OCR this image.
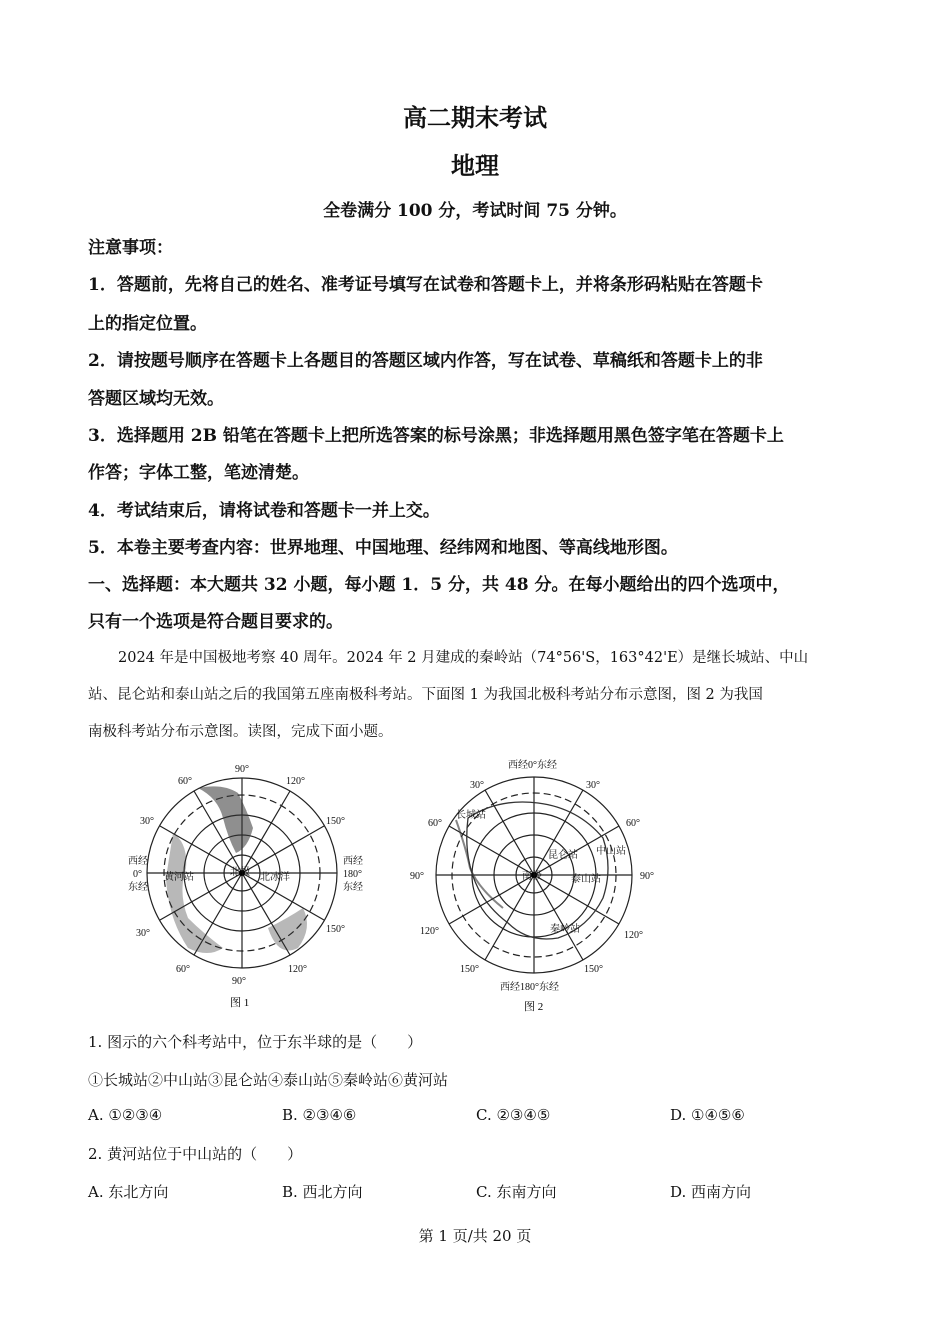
高二期末考试
地理
全卷满分 100 分，考试时间 75 分钟。
注意事项：
1．答题前，先将自己的姓名、准考证号填写在试卷和答题卡上，并将条形码粘贴在答题卡
上的指定位置。
2．请按题号顺序在答题卡上各题目的答题区域内作答，写在试卷、草稿纸和答题卡上的非
答题区域均无效。
3．选择题用 2B 铅笔在答题卡上把所选答案的标号涂黑；非选择题用黑色签字笔在答题卡上
作答；字体工整，笔迹清楚。
4．考试结束后，请将试卷和答题卡一并上交。
5．本卷主要考查内容：世界地理、中国地理、经纬网和地图、等高线地形图。
一、选择题：本大题共 32 小题，每小题 1．5 分，共 48 分。在每小题给出的四个选项中，
只有一个选项是符合题目要求的。
2024 年是中国极地考察 40 周年。2024 年 2 月建成的秦岭站（74°56'S，163°42'E）是继长城站、中山
站、昆仑站和泰山站之后的我国第五座南极科考站。下面图 1 为我国北极科考站分布示意图，图 2 为我国
南极科考站分布示意图。读图，完成下面小题。
90°
60°	120°
30°	150°
西经
0°
东经
西经
180°
东经
30°	150°
60°
90°
120°
黄河站	北极 北冰洋
图 1
西经0°东经
30°	30°
60°	60°
90°	90°
120°	120°
150°	150°
西经180°东经
长城站
中山站
昆仑站
泰山站
秦岭站
南极
图 2
1. 图示的六个科考站中，位于东半球的是（　　）
①长城站②中山站③昆仑站④泰山站⑤秦岭站⑥黄河站
A. ①②③④	B. ②③④⑥	C. ②③④⑤	D. ①④⑤⑥
2. 黄河站位于中山站的（　　）
A. 东北方向	B. 西北方向	C. 东南方向	D. 西南方向
第 1 页/共 20 页
